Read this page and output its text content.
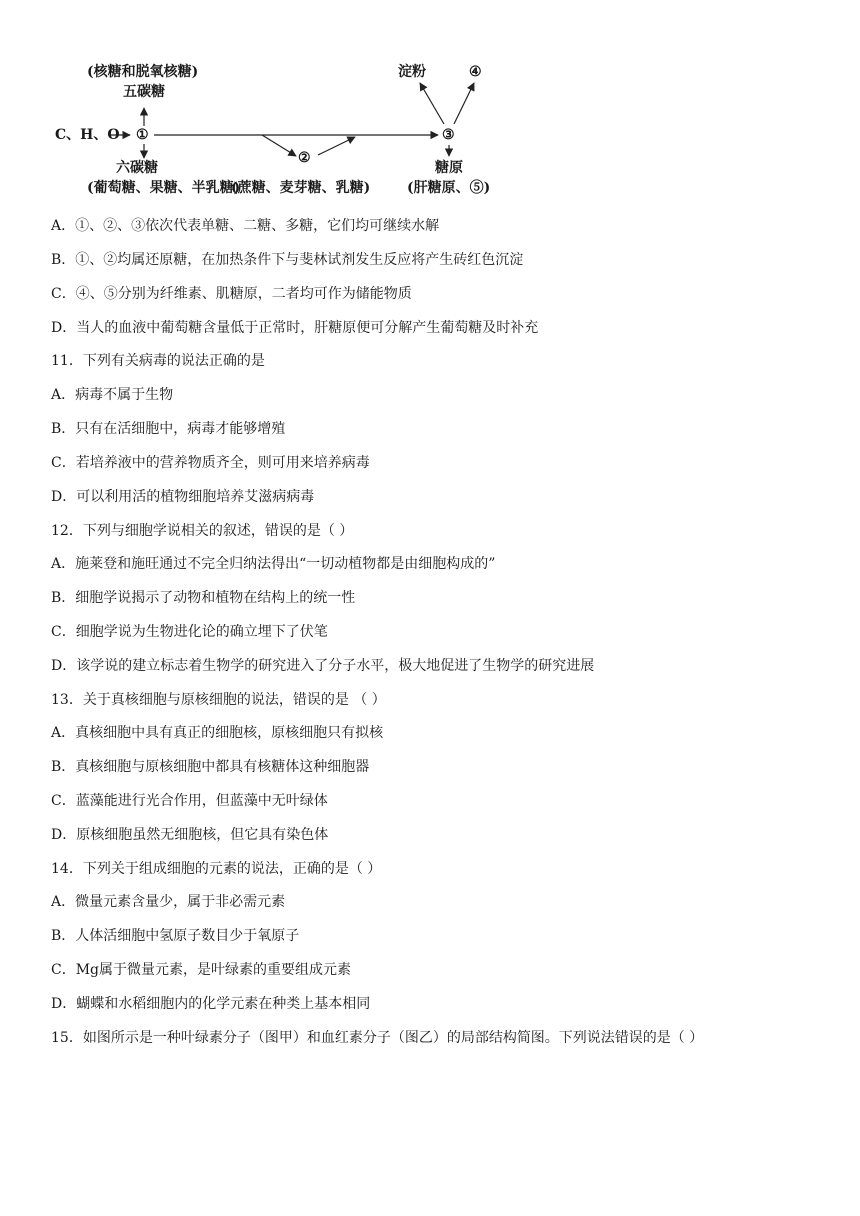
(核糖和脱氧核糖)
五碳糖
C、H、O ①
六碳糖
(葡萄糖、果糖、半乳糖)
②
(蔗糖、麦芽糖、乳糖)
③
淀粉	④
糖原
(肝糖原、⑤)
A．①、②、③依次代表单糖、二糖、多糖，它们均可继续水解
B．①、②均属还原糖，在加热条件下与斐林试剂发生反应将产生砖红色沉淀
C．④、⑤分别为纤维素、肌糖原，二者均可作为储能物质
D．当人的血液中葡萄糖含量低于正常时，肝糖原便可分解产生葡萄糖及时补充
11．下列有关病毒的说法正确的是
A．病毒不属于生物
B．只有在活细胞中，病毒才能够增殖
C．若培养液中的营养物质齐全，则可用来培养病毒
D．可以利用活的植物细胞培养艾滋病病毒
12．下列与细胞学说相关的叙述，错误的是（ ）
A．施莱登和施旺通过不完全归纳法得出“一切动植物都是由细胞构成的”
B．细胞学说揭示了动物和植物在结构上的统一性
C．细胞学说为生物进化论的确立埋下了伏笔
D．该学说的建立标志着生物学的研究进入了分子水平，极大地促进了生物学的研究进展
13．关于真核细胞与原核细胞的说法，错误的是 （ ）
A．真核细胞中具有真正的细胞核，原核细胞只有拟核
B．真核细胞与原核细胞中都具有核糖体这种细胞器
C．蓝藻能进行光合作用，但蓝藻中无叶绿体
D．原核细胞虽然无细胞核，但它具有染色体
14．下列关于组成细胞的元素的说法，正确的是（ ）
A．微量元素含量少，属于非必需元素
B．人体活细胞中氢原子数目少于氧原子
C．Mg属于微量元素，是叶绿素的重要组成元素
D．蝴蝶和水稻细胞内的化学元素在种类上基本相同
15．如图所示是一种叶绿素分子（图甲）和血红素分子（图乙）的局部结构简图。下列说法错误的是（ ）
